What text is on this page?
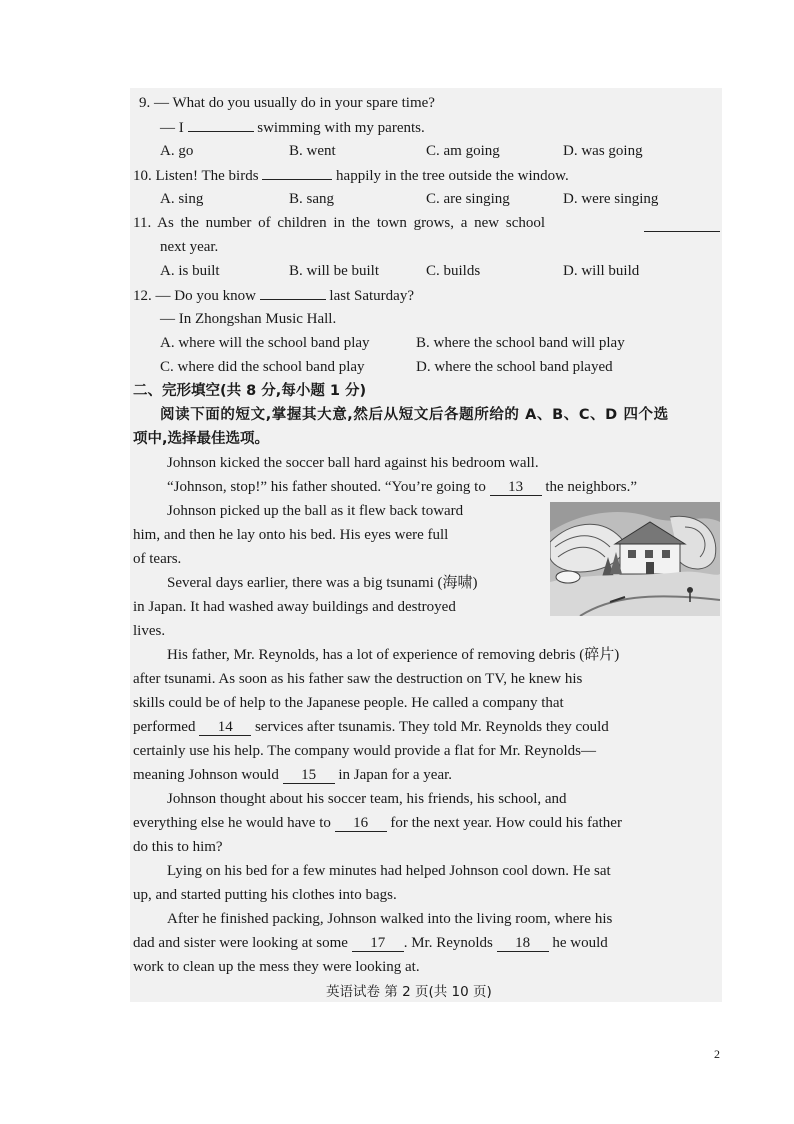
9. — What do you usually do in your spare time?
— I	swimming with my parents.
A. go	B. went	C. am going	D. was going
10. Listen! The birds	happily in the tree outside the window.
A. sing	B. sang	C. are singing	D. were singing
11. As the number of children in the town grows, a new school
next year.
A. is built	B. will be built	C. builds	D. will build
12. — Do you know	last Saturday?
— In Zhongshan Music Hall.
A. where will the school band play	B. where the school band will play
C. where did the school band play	D. where the school band played
二、完形填空(共 8 分,每小题 1 分)
阅读下面的短文,掌握其大意,然后从短文后各题所给的 A、B、C、D 四个选
项中,选择最佳选项。
Johnson kicked the soccer ball hard against his bedroom wall.
“Johnson, stop!” his father shouted. “You’re going to 13 the neighbors.”
Johnson picked up the ball as it flew back toward
him, and then he lay onto his bed. His eyes were full
of tears.
Several days earlier, there was a big tsunami (海啸)
in Japan. It had washed away buildings and destroyed
lives.
His father, Mr. Reynolds, has a lot of experience of removing debris (碎片)
after tsunami. As soon as his father saw the destruction on TV, he knew his
skills could be of help to the Japanese people. He called a company that
performed 14 services after tsunamis. They told Mr. Reynolds they could
certainly use his help. The company would provide a flat for Mr. Reynolds—
meaning Johnson would 15 in Japan for a year.
Johnson thought about his soccer team, his friends, his school, and
everything else he would have to 16 for the next year. How could his father
do this to him?
Lying on his bed for a few minutes had helped Johnson cool down. He sat
up, and started putting his clothes into bags.
After he finished packing, Johnson walked into the living room, where his
dad and sister were looking at some 17 . Mr. Reynolds 18 he would
work to clean up the mess they were looking at.
英语试卷 第 2 页(共 10 页)
2
